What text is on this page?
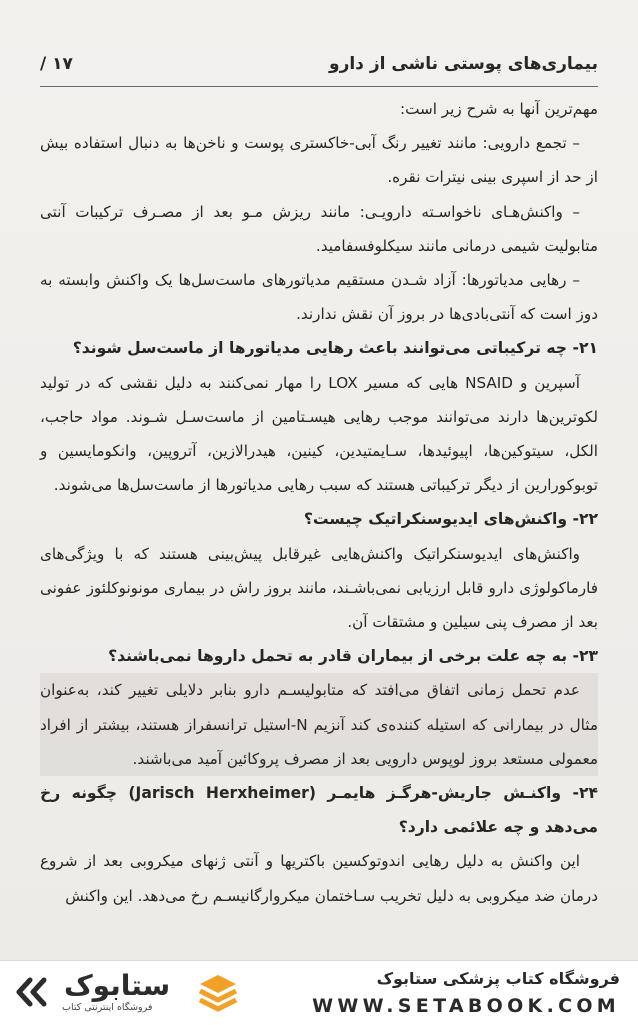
بیماری‌های پوستی ناشی از دارو
/ ۱۷

مهم‌ترین آنها به شرح زیر است:

– تجمع دارویی: مانند تغییر رنگ آبی-خاکستری پوست و ناخن‌ها به دنبال استفاده بیش از حد از اسپری بینی نیترات نقره.

– واکنش‌هـای ناخواسـته دارویـی: مانند ریزش مـو بعد از مصـرف ترکیبات آنتی متابولیت شیمی درمانی مانند سیکلوفسفامید.

– رهایی مدیاتورها: آزاد شـدن مستقیم مدیاتورهای ماست‌سل‌ها یک واکنش وابسته به دوز است که آنتی‌بادی‌ها در بروز آن نقش ندارند.

۲۱- چه ترکیباتی می‌توانند باعث رهایی مدیاتورها از ماست‌سل شوند؟

آسپرین و NSAID هایی که مسیر LOX را مهار نمی‌کنند به دلیل نقشی که در تولید لکوترین‌ها دارند می‌توانند موجب رهایی هیسـتامین از ماست‌سـل شـوند. مواد حاجب، الکل، سیتوکین‌ها، اپیوئیدها، سـایمتیدین، کینین، هیدرالازین، آتروپین، وانکومایسین و توبوکورارین از دیگر ترکیباتی هستند که سبب رهایی مدیاتورها از ماست‌سل‌ها می‌شوند.

۲۲- واکنش‌های ایدیوسنکراتیک چیست؟

واکنش‌های ایدیوسنکراتیک واکنش‌هایی غیرقابل پیش‌بینی هستند که با ویژگی‌های فارماکولوژی دارو قابل ارزیابی نمی‌باشـند، مانند بروز راش در بیماری مونونوکلئوز عفونی بعد از مصرف پنی سیلین و مشتقات آن.

۲۳- به چه علت برخی از بیماران قادر به تحمل داروها نمی‌باشند؟

عدم تحمل زمانی اتفاق می‌افتد که متابولیسـم دارو بنابر دلایلی تغییر کند، به‌عنوان مثال در بیمارانی که استیله کننده‌ی کند آنزیم N-استیل ترانسفراز هستند، بیشتر از افراد معمولی مستعد بروز لوپوس دارویی بعد از مصرف پروکائین آمید می‌باشند.

۲۴- واکنـش جاریش-هرگـز هایمـر (Jarisch Herxheimer) چگونه رخ می‌دهد و چه علائمی دارد؟

این واکنش به دلیل رهایی اندوتوکسین باکتریها و آنتی ژنهای میکروبی بعد از شروع درمان ضد میکروبی به دلیل تخریب سـاختمان میکروارگانیسـم رخ می‌دهد. این واکنش

ستابوک
فروشگاه اینترنتی کتاب
فروشگاه کتاب پزشکی ستابوک
WWW.SETABOOK.COM
